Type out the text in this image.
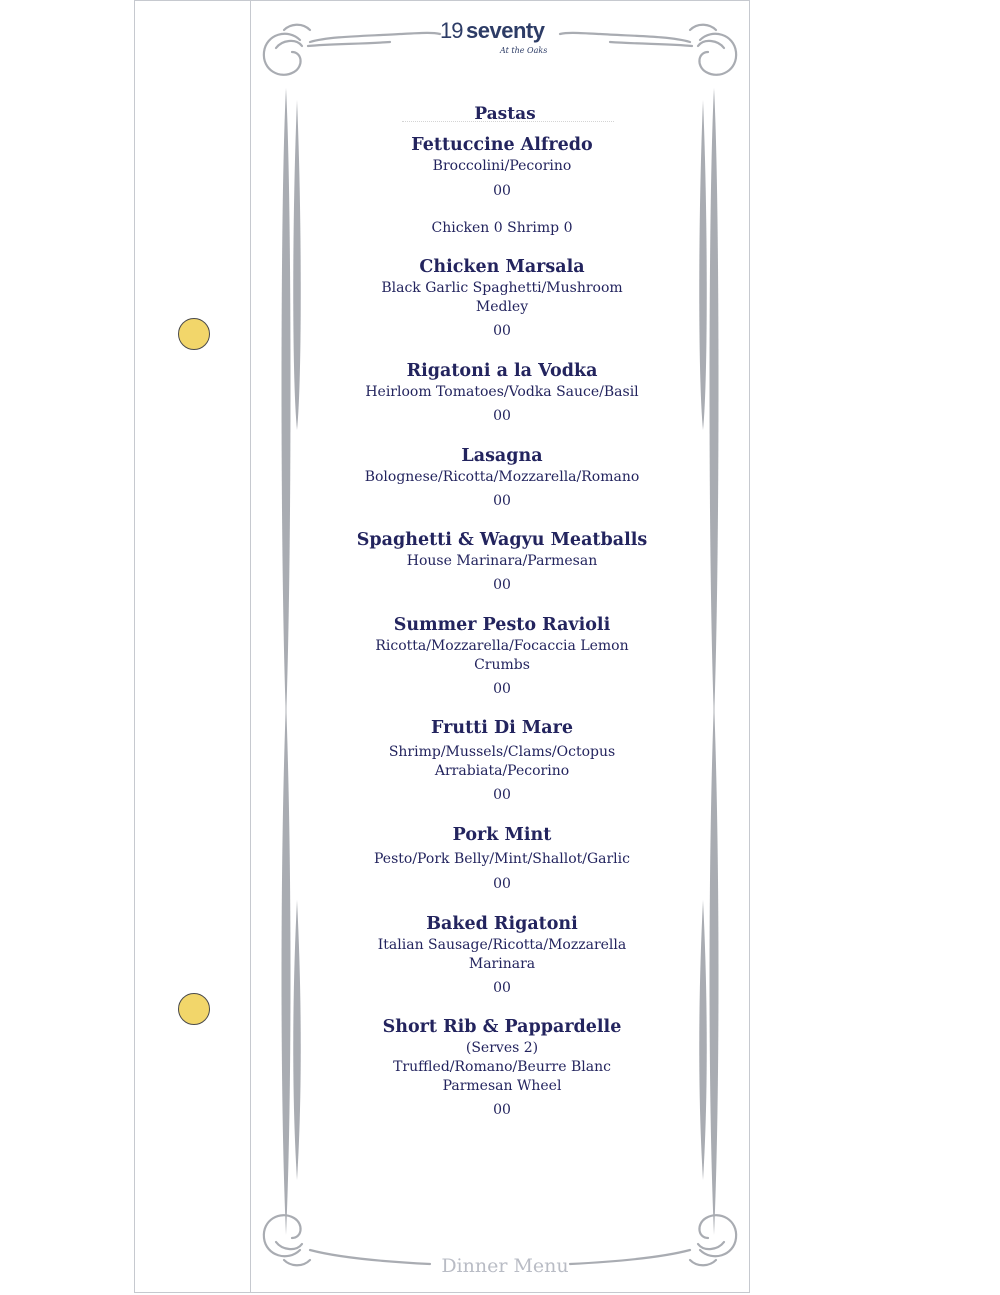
19 seventy
At the Oaks
Pastas
Fettuccine Alfredo
Broccolini/Pecorino
00
Chicken 0 Shrimp 0
Chicken Marsala
Black Garlic Spaghetti/Mushroom
Medley
00
Rigatoni a la Vodka
Heirloom Tomatoes/Vodka Sauce/Basil
00
Lasagna
Bolognese/Ricotta/Mozzarella/Romano
00
Spaghetti & Wagyu Meatballs
House Marinara/Parmesan
00
Summer Pesto Ravioli
Ricotta/Mozzarella/Focaccia Lemon
Crumbs
00
Frutti Di Mare
Shrimp/Mussels/Clams/Octopus
Arrabiata/Pecorino
00
Pork Mint
Pesto/Pork Belly/Mint/Shallot/Garlic
00
Baked Rigatoni
Italian Sausage/Ricotta/Mozzarella
Marinara
00
Short Rib & Pappardelle
(Serves 2)
Truffled/Romano/Beurre Blanc
Parmesan Wheel
00
Dinner Menu
